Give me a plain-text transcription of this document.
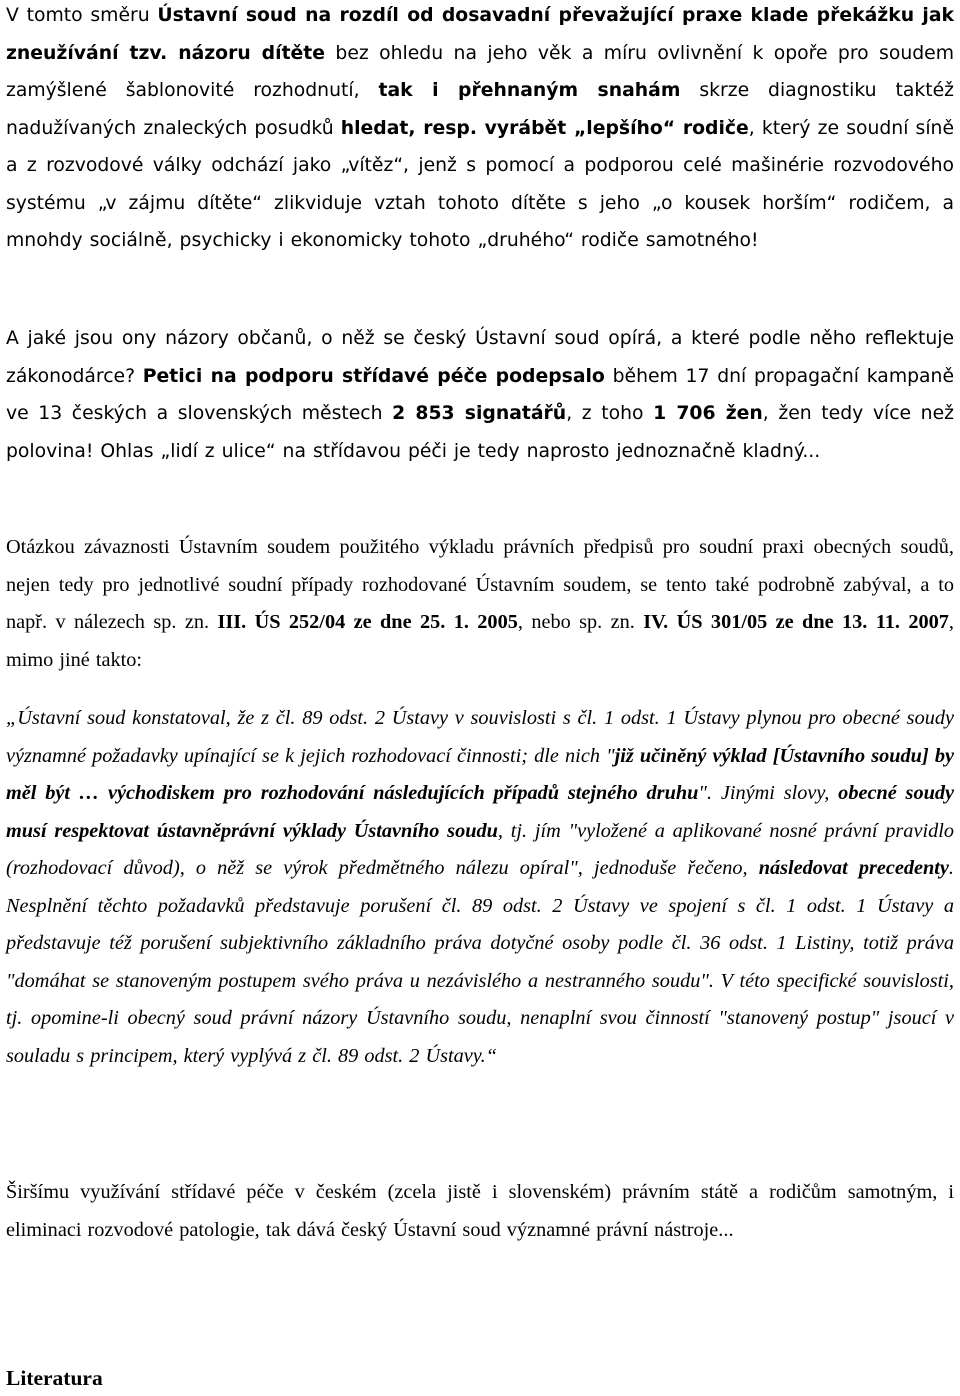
V tomto směru Ústavní soud na rozdíl od dosavadní převažující praxe klade překážku jak zneužívání tzv. názoru dítěte bez ohledu na jeho věk a míru ovlivnění k opoře pro soudem zamýšlené šablonovité rozhodnutí, tak i přehnaným snahám skrze diagnostiku taktéž nadužívaných znaleckých posudků hledat, resp. vyrábět „lepšího“ rodiče, který ze soudní síně a z rozvodové války odchází jako „vítěz“, jenž s pomocí a podporou celé mašinérie rozvodového systému „v zájmu dítěte“ zlikviduje vztah tohoto dítěte s jeho „o kousek horším“ rodičem, a mnohdy sociálně, psychicky i ekonomicky tohoto „druhého“ rodiče samotného!

A jaké jsou ony názory občanů, o něž se český Ústavní soud opírá, a které podle něho reflektuje zákonodárce? Petici na podporu střídavé péče podepsalo během 17 dní propagační kampaně ve 13 českých a slovenských městech 2 853 signatářů, z toho 1 706 žen, žen tedy více než polovina! Ohlas „lidí z ulice“ na střídavou péči je tedy naprosto jednoznačně kladný...

Otázkou závaznosti Ústavním soudem použitého výkladu právních předpisů pro soudní praxi obecných soudů, nejen tedy pro jednotlivé soudní případy rozhodované Ústavním soudem, se tento také podrobně zabýval, a to např. v nálezech sp. zn. III. ÚS 252/04 ze dne 25. 1. 2005, nebo sp. zn. IV. ÚS 301/05 ze dne 13. 11. 2007, mimo jiné takto:

„Ústavní soud konstatoval, že z čl. 89 odst. 2 Ústavy v souvislosti s čl. 1 odst. 1 Ústavy plynou pro obecné soudy významné požadavky upínající se k jejich rozhodovací činnosti; dle nich "již učiněný výklad [Ústavního soudu] by měl být … východiskem pro rozhodování následujících případů stejného druhu". Jinými slovy, obecné soudy musí respektovat ústavněprávní výklady Ústavního soudu, tj. jím "vyložené a aplikované nosné právní pravidlo (rozhodovací důvod), o něž se výrok předmětného nálezu opíral", jednoduše řečeno, následovat precedenty. Nesplnění těchto požadavků představuje porušení čl. 89 odst. 2 Ústavy ve spojení s čl. 1 odst. 1 Ústavy a představuje též porušení subjektivního základního práva dotyčné osoby podle čl. 36 odst. 1 Listiny, totiž práva "domáhat se stanoveným postupem svého práva u nezávislého a nestranného soudu". V této specifické souvislosti, tj. opomine-li obecný soud právní názory Ústavního soudu, nenaplní svou činností "stanovený postup" jsoucí v souladu s principem, který vyplývá z čl. 89 odst. 2 Ústavy.“

Širšímu využívání střídavé péče v českém (zcela jistě i slovenském) právním státě a rodičům samotným, i eliminaci rozvodové patologie, tak dává český Ústavní soud významné právní nástroje...

Literatura
